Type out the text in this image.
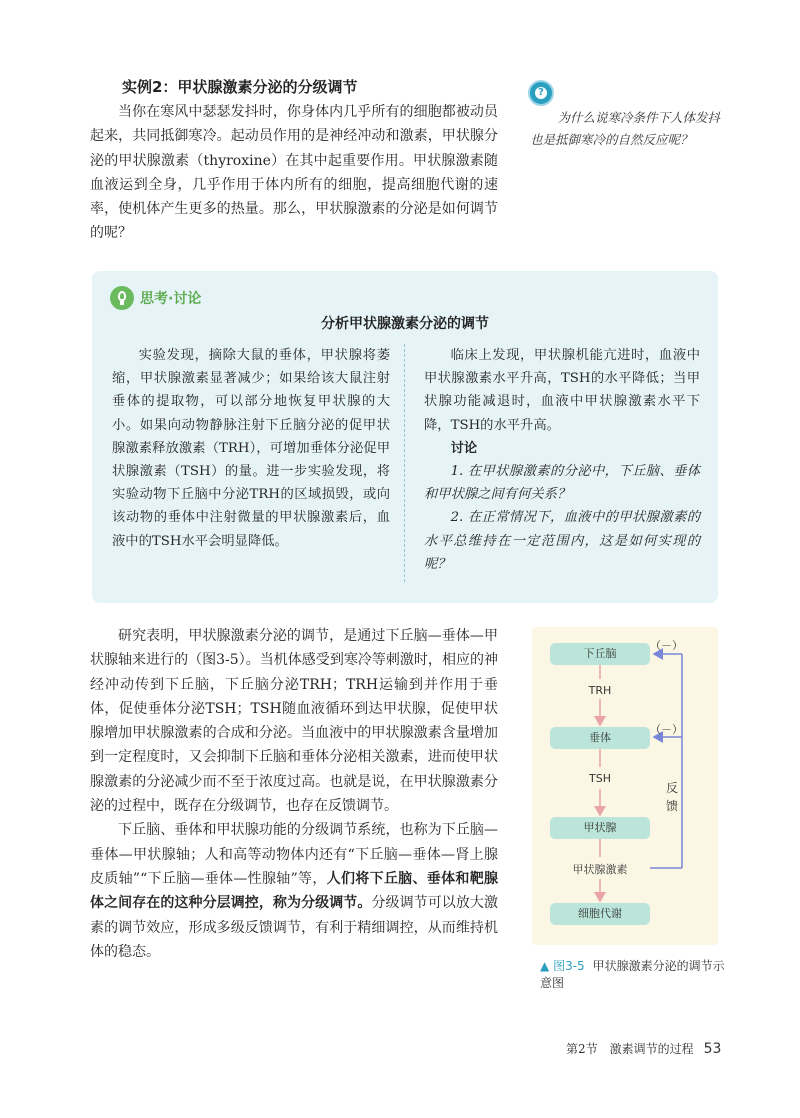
实例2：甲状腺激素分泌的分级调节

当你在寒风中瑟瑟发抖时，你身体内几乎所有的细胞都被动员起来，共同抵御寒冷。起动员作用的是神经冲动和激素，甲状腺分泌的甲状腺激素（thyroxine）在其中起重要作用。甲状腺激素随血液运到全身，几乎作用于体内所有的细胞，提高细胞代谢的速率，使机体产生更多的热量。那么，甲状腺激素的分泌是如何调节的呢？

?
为什么说寒冷条件下人体发抖也是抵御寒冷的自然反应呢？
思考·讨论
分析甲状腺激素分泌的调节

实验发现，摘除大鼠的垂体，甲状腺将萎缩，甲状腺激素显著减少；如果给该大鼠注射垂体的提取物，可以部分地恢复甲状腺的大小。如果向动物静脉注射下丘脑分泌的促甲状腺激素释放激素（TRH），可增加垂体分泌促甲状腺激素（TSH）的量。进一步实验发现，将实验动物下丘脑中分泌TRH的区域损毁，或向该动物的垂体中注射微量的甲状腺激素后，血液中的TSH水平会明显降低。

临床上发现，甲状腺机能亢进时，血液中甲状腺激素水平升高，TSH的水平降低；当甲状腺功能减退时，血液中甲状腺激素水平下降，TSH的水平升高。

讨论

1. 在甲状腺激素的分泌中，下丘脑、垂体和甲状腺之间有何关系？

2. 在正常情况下，血液中的甲状腺激素的水平总维持在一定范围内，这是如何实现的呢？

研究表明，甲状腺激素分泌的调节，是通过下丘脑—垂体—甲状腺轴来进行的（图3-5）。当机体感受到寒冷等刺激时，相应的神经冲动传到下丘脑，下丘脑分泌TRH；TRH运输到并作用于垂体，促使垂体分泌TSH；TSH随血液循环到达甲状腺，促使甲状腺增加甲状腺激素的合成和分泌。当血液中的甲状腺激素含量增加到一定程度时，又会抑制下丘脑和垂体分泌相关激素，进而使甲状腺激素的分泌减少而不至于浓度过高。也就是说，在甲状腺激素分泌的过程中，既存在分级调节，也存在反馈调节。

下丘脑、垂体和甲状腺功能的分级调节系统，也称为下丘脑—垂体—甲状腺轴；人和高等动物体内还有“下丘脑—垂体—肾上腺皮质轴”“下丘脑—垂体—性腺轴”等，人们将下丘脑、垂体和靶腺体之间存在的这种分层调控，称为分级调节。分级调节可以放大激素的调节效应，形成多级反馈调节，有利于精细调控，从而维持机体的稳态。

下丘脑
TRH
垂体
TSH
甲状腺
甲状腺激素
细胞代谢
（－）
（－）
反馈
▲ 图3-5 甲状腺激素分泌的调节示意图
第2节　激素调节的过程 53
